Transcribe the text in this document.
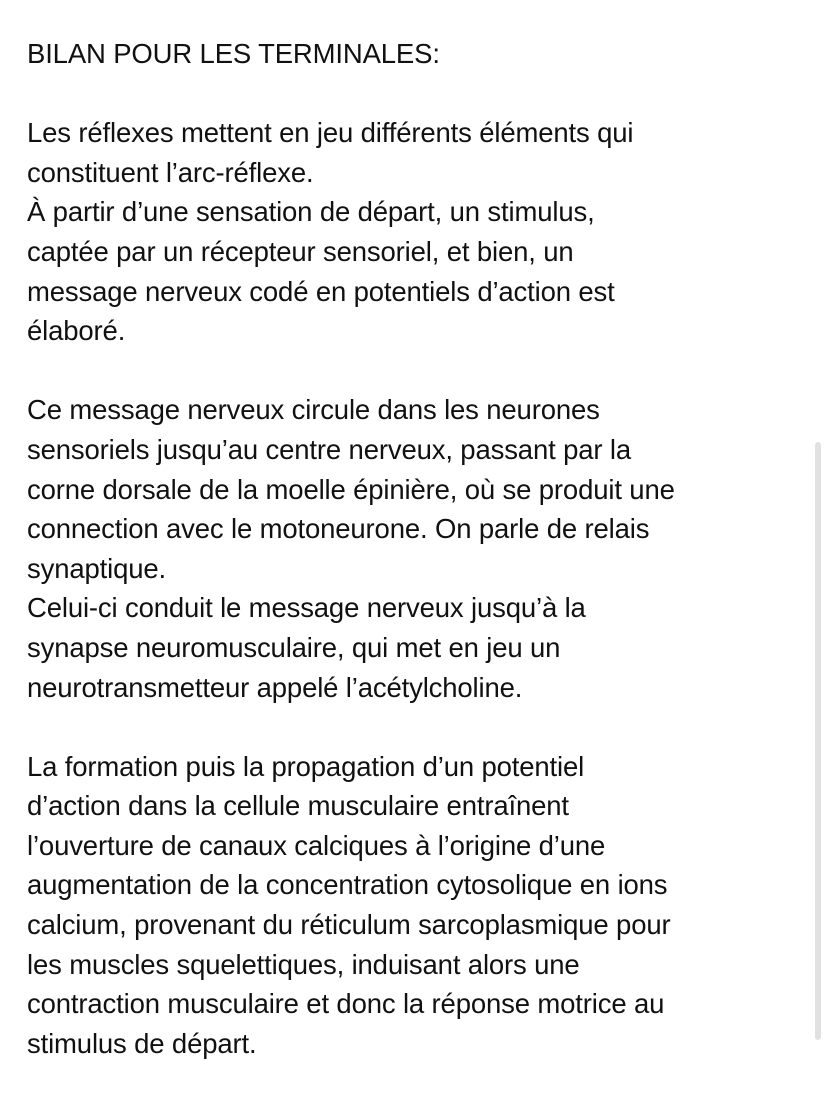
BILAN POUR LES TERMINALES:
Les réflexes mettent en jeu différents éléments qui
constituent l’arc-réflexe.
À partir d’une sensation de départ, un stimulus,
captée par un récepteur sensoriel, et bien, un
message nerveux codé en potentiels d’action est
élaboré.
Ce message nerveux circule dans les neurones
sensoriels jusqu’au centre nerveux, passant par la
corne dorsale de la moelle épinière, où se produit une
connection avec le motoneurone. On parle de relais
synaptique.
Celui-ci conduit le message nerveux jusqu’à la
synapse neuromusculaire, qui met en jeu un
neurotransmetteur appelé l’acétylcholine.
La formation puis la propagation d’un potentiel
d’action dans la cellule musculaire entraînent
l’ouverture de canaux calciques à l’origine d’une
augmentation de la concentration cytosolique en ions
calcium, provenant du réticulum sarcoplasmique pour
les muscles squelettiques, induisant alors une
contraction musculaire et donc la réponse motrice au
stimulus de départ.
